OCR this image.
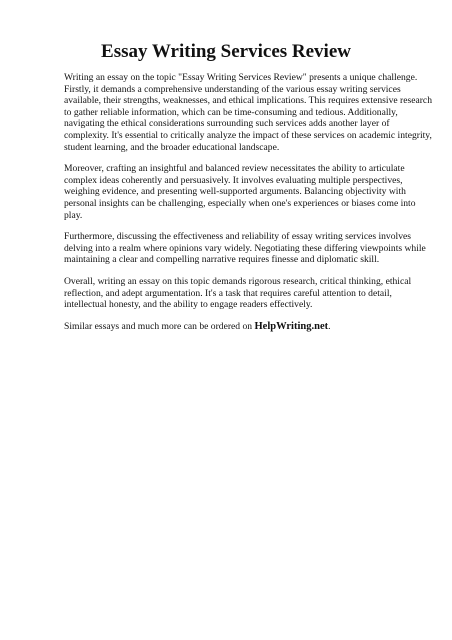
Essay Writing Services Review

Writing an essay on the topic "Essay Writing Services Review" presents a unique challenge. Firstly, it demands a comprehensive understanding of the various essay writing services available, their strengths, weaknesses, and ethical implications. This requires extensive research to gather reliable information, which can be time-consuming and tedious. Additionally, navigating the ethical considerations surrounding such services adds another layer of complexity. It's essential to critically analyze the impact of these services on academic integrity, student learning, and the broader educational landscape.

Moreover, crafting an insightful and balanced review necessitates the ability to articulate complex ideas coherently and persuasively. It involves evaluating multiple perspectives, weighing evidence, and presenting well-supported arguments. Balancing objectivity with personal insights can be challenging, especially when one's experiences or biases come into play.

Furthermore, discussing the effectiveness and reliability of essay writing services involves delving into a realm where opinions vary widely. Negotiating these differing viewpoints while maintaining a clear and compelling narrative requires finesse and diplomatic skill.

Overall, writing an essay on this topic demands rigorous research, critical thinking, ethical reflection, and adept argumentation. It's a task that requires careful attention to detail, intellectual honesty, and the ability to engage readers effectively.

Similar essays and much more can be ordered on HelpWriting.net.
